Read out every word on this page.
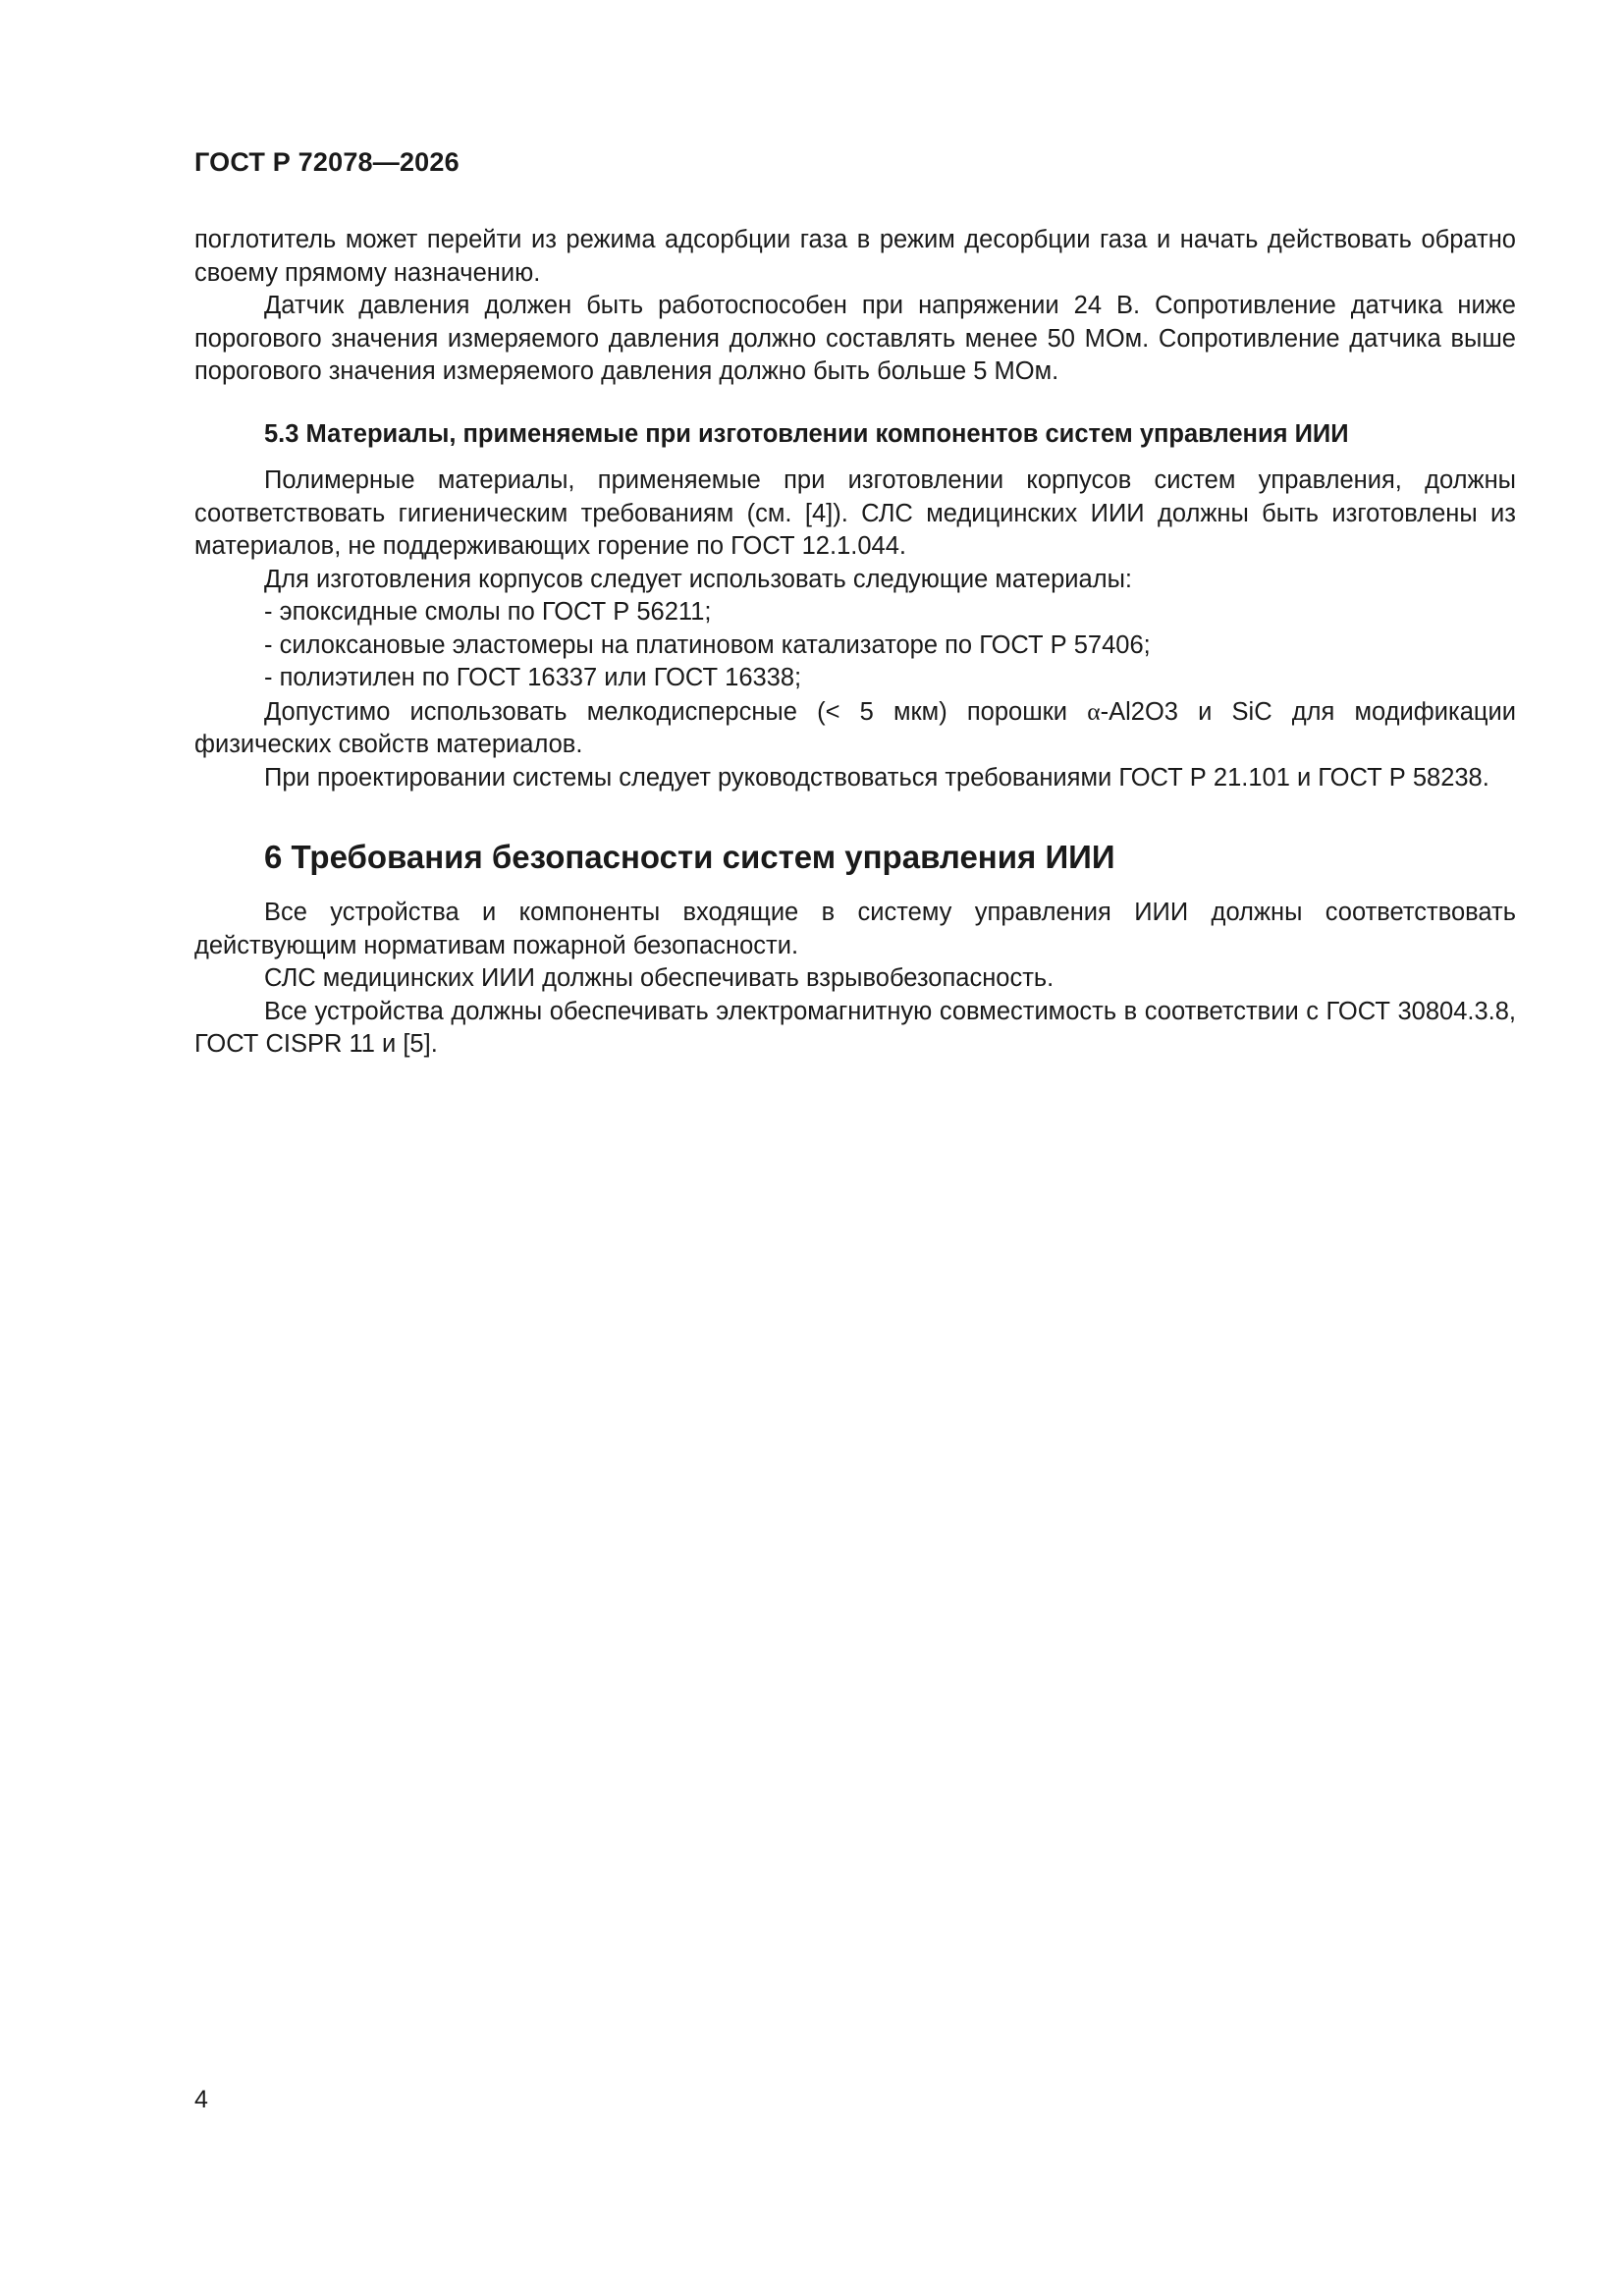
ГОСТ Р 72078—2026

поглотитель может перейти из режима адсорбции газа в режим десорбции газа и начать действовать обратно своему прямому назначению.

Датчик давления должен быть работоспособен при напряжении 24 В. Сопротивление датчика ниже порогового значения измеряемого давления должно составлять менее 50 МОм. Сопротивление датчика выше порогового значения измеряемого давления должно быть больше 5 МОм.

5.3 Материалы, применяемые при изготовлении компонентов систем управления ИИИ

Полимерные материалы, применяемые при изготовлении корпусов систем управления, должны соответствовать гигиеническим требованиям (см. [4]). СЛС медицинских ИИИ должны быть изготовлены из материалов, не поддерживающих горение по ГОСТ 12.1.044.

Для изготовления корпусов следует использовать следующие материалы:

- эпоксидные смолы по ГОСТ Р 56211;

- силоксановые эластомеры на платиновом катализаторе по ГОСТ Р 57406;

- полиэтилен по ГОСТ 16337 или ГОСТ 16338;

Допустимо использовать мелкодисперсные (< 5 мкм) порошки α-Al2O3 и SiC для модификации физических свойств материалов.

При проектировании системы следует руководствоваться требованиями ГОСТ Р 21.101 и ГОСТ Р 58238.

6 Требования безопасности систем управления ИИИ

Все устройства и компоненты входящие в систему управления ИИИ должны соответствовать действующим нормативам пожарной безопасности.

СЛС медицинских ИИИ должны обеспечивать взрывобезопасность.

Все устройства должны обеспечивать электромагнитную совместимость в соответствии с ГОСТ 30804.3.8, ГОСТ CISPR 11 и [5].

4
